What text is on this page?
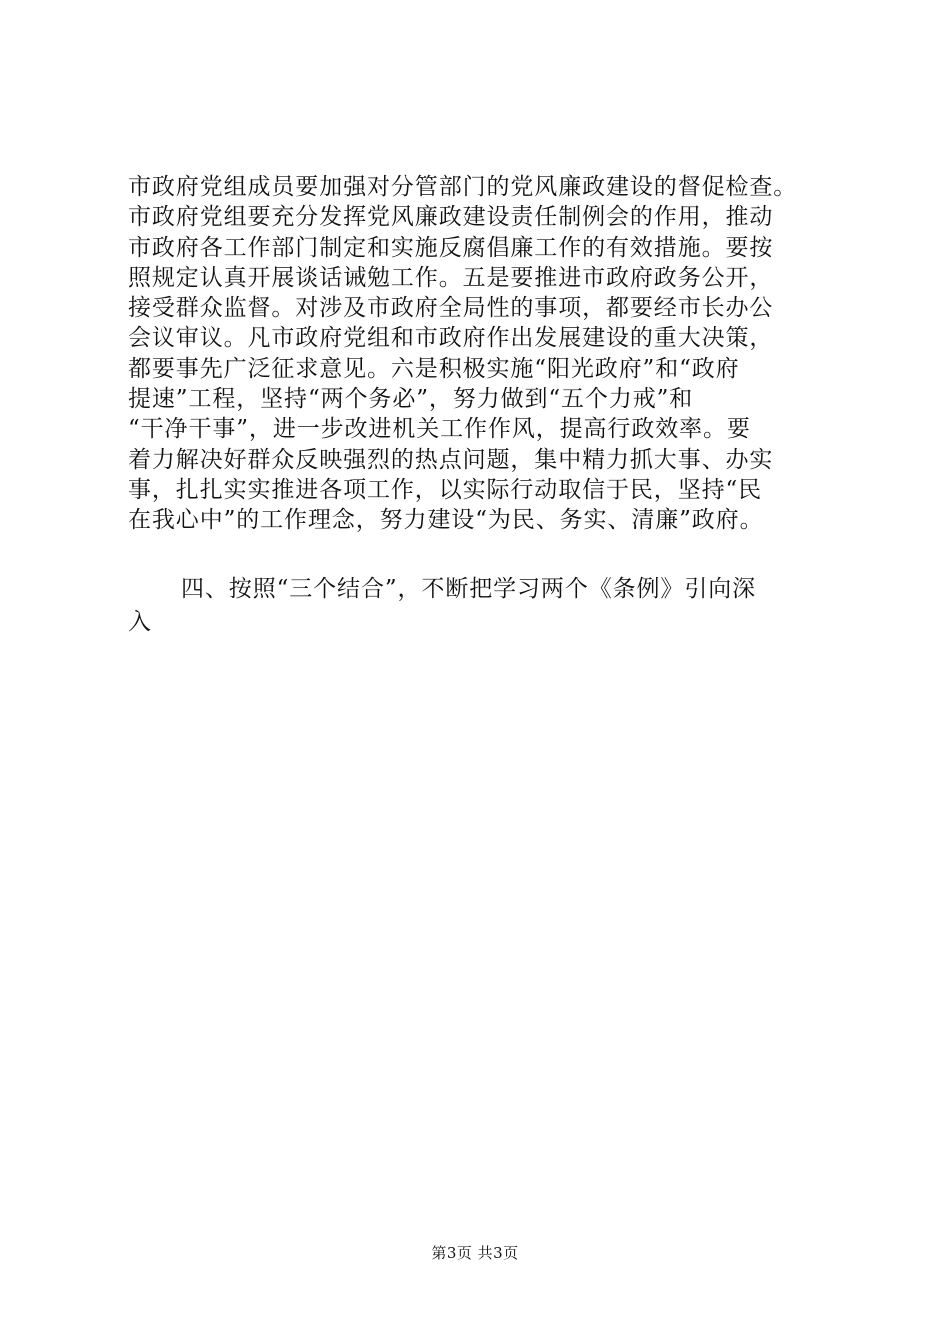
市政府党组成员要加强对分管部门的党风廉政建设的督促检查。
市政府党组要充分发挥党风廉政建设责任制例会的作用，推动
市政府各工作部门制定和实施反腐倡廉工作的有效措施。要按
照规定认真开展谈话诫勉工作。五是要推进市政府政务公开，
接受群众监督。对涉及市政府全局性的事项，都要经市长办公
会议审议。凡市政府党组和市政府作出发展建设的重大决策，
都要事先广泛征求意见。六是积极实施“阳光政府”和“政府
提速”工程，坚持“两个务必”，努力做到“五个力戒”和
“干净干事”，进一步改进机关工作作风，提高行政效率。要
着力解决好群众反映强烈的热点问题，集中精力抓大事、办实
事，扎扎实实推进各项工作，以实际行动取信于民，坚持“民
在我心中”的工作理念，努力建设“为民、务实、清廉”政府。
四、按照“三个结合”，不断把学习两个《条例》引向深
入
第3页 共3页
